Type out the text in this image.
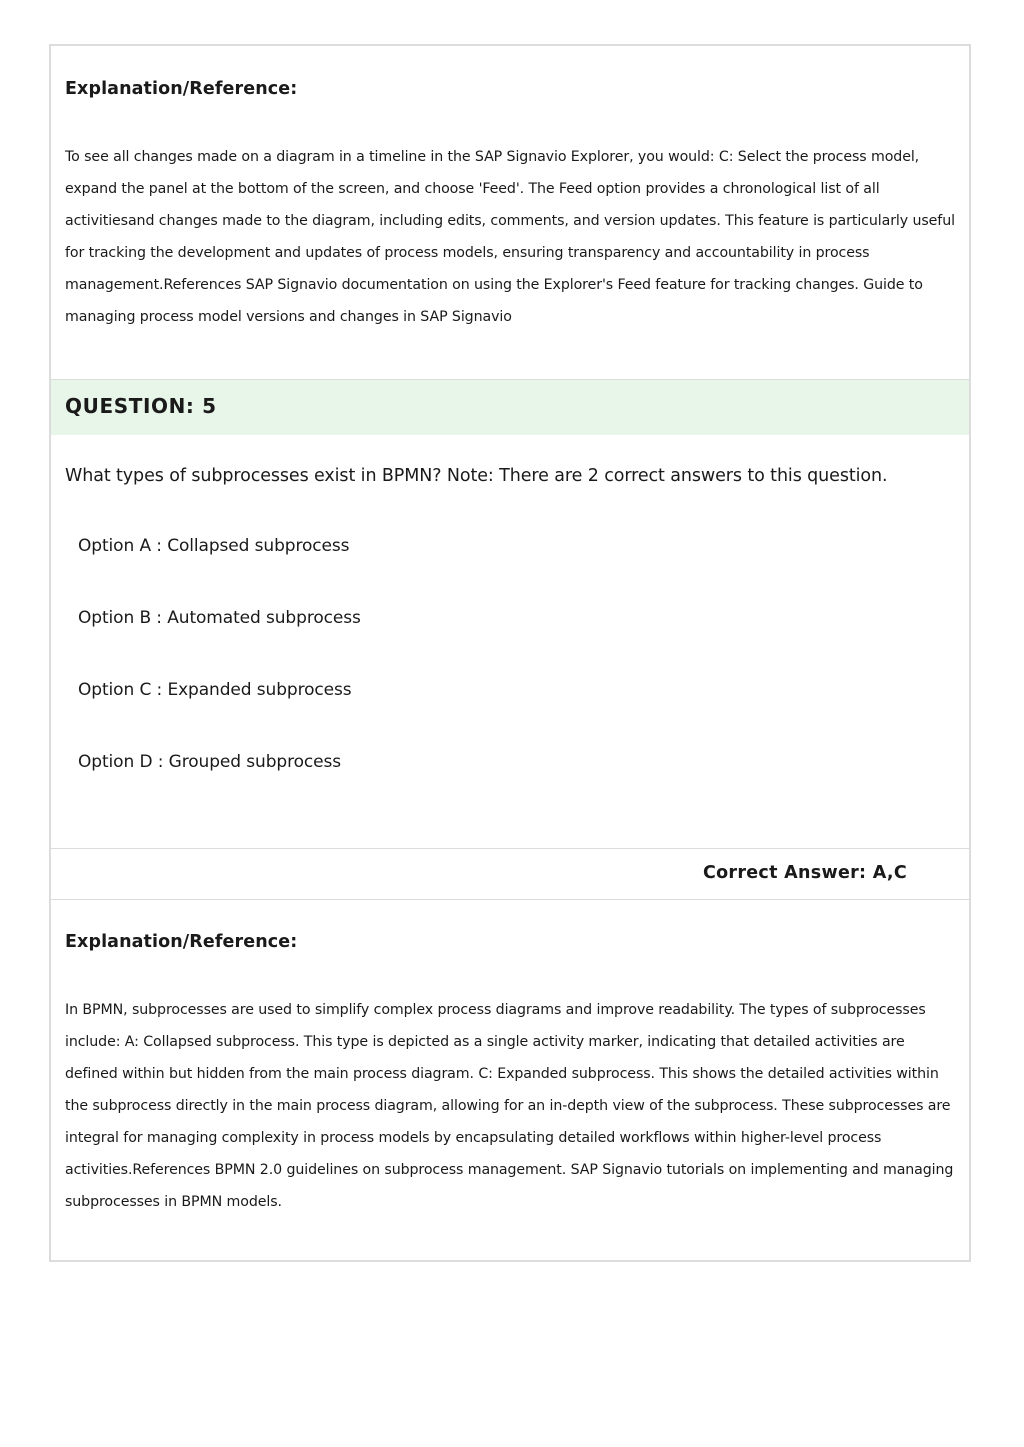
Explanation/Reference:

To see all changes made on a diagram in a timeline in the SAP Signavio Explorer, you would: C: Select the process model, expand the panel at the bottom of the screen, and choose 'Feed'. The Feed option provides a chronological list of all activitiesand changes made to the diagram, including edits, comments, and version updates. This feature is particularly useful for tracking the development and updates of process models, ensuring transparency and accountability in process management.References SAP Signavio documentation on using the Explorer's Feed feature for tracking changes. Guide to managing process model versions and changes in SAP Signavio

QUESTION: 5
What types of subprocesses exist in BPMN? Note: There are 2 correct answers to this question.
Option A : Collapsed subprocess
Option B : Automated subprocess
Option C : Expanded subprocess
Option D : Grouped subprocess
Correct Answer: A,C
Explanation/Reference:

In BPMN, subprocesses are used to simplify complex process diagrams and improve readability. The types of subprocesses include: A: Collapsed subprocess. This type is depicted as a single activity marker, indicating that detailed activities are defined within but hidden from the main process diagram. C: Expanded subprocess. This shows the detailed activities within the subprocess directly in the main process diagram, allowing for an in-depth view of the subprocess. These subprocesses are integral for managing complexity in process models by encapsulating detailed workflows within higher-level process activities.References BPMN 2.0 guidelines on subprocess management. SAP Signavio tutorials on implementing and managing subprocesses in BPMN models.
